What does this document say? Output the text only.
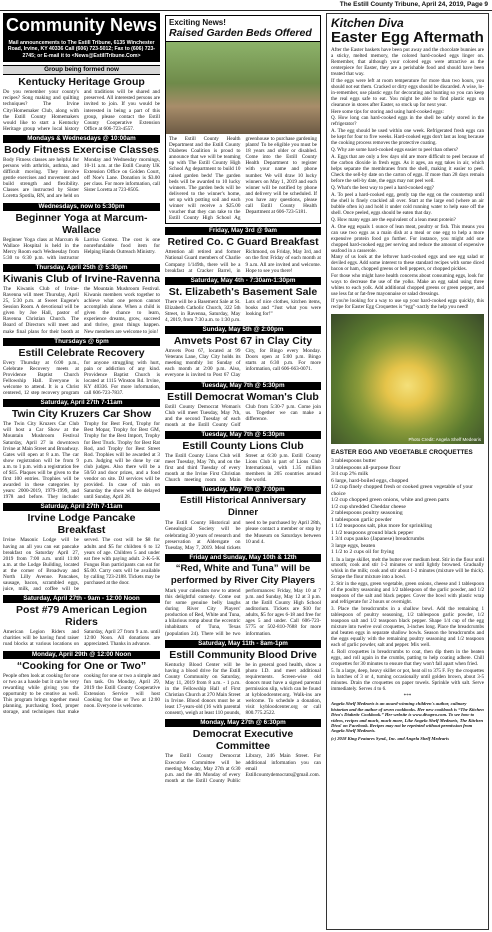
The Estill County Tribune, April 24, 2019, Page 9
Community News
Mail announcements to The Estill Tribune, 6135 Winchester Road, Irvine, KY 40336 Call (606) 723-5012; Fax to (606) 723-2745; or E-mail it to <News@EstillTribune.Com>
Group being formed now
Kentucky Heritage Group
Do you remember your county's recipes? Song making and quilting techniques? The Irvine City/Homemaker Club, along with the Estill County Homemakers would like to start a Kentucky Heritage group where local history and traditions will be shared and preserved. All interested persons are invited to join. If you would be interested in being a part of this group, please contact the Estill County Cooperative Extension Office at 606-723-4557.
Mondays & Wednesdays @ 10:00am
Body Fitness Exercise Classes
Body Fitness classes are helpful for persons with arthritis, asthma, and difficult moving. They involve gentle exercises and movement and build strength and flexibility. Classes are instructed by Sister Loretta Spotila, RN, and are held on Monday and Wednesday mornings, 10-11 a.m. at the Estill County UK Extension Office on Golden Court, off Noe's Lane. Donation is $3.00 per class. For more information, call Sister Loretta at 723-8505.
Wednesdays, now to 5:30pm
Beginner Yoga at Marcum-Wallace
Beginner Yoga class at Marcum & Wallace Hospital is held in the Mercy Room each Wednesday from 5:30 to 6:30 p.m. with instructor Larrisa Gomez. The cost is one nonrefundable food item for Helping Hands Outreach Ministry.
Thursday, April 25th @ 5:30pm
Kiwanis Club of Irvine-Ravenna
The Kiwanis Club of Irvine-Ravenna will meet Thursday, April 25, 5:30 p.m. at Sweet Eugene's Session Room. A devotional will be given by Joe Hall, pastor of Ravenna Christian Church. The Board of Directors will meet and make final plans for their booth at the Mountain Mushroom Festival. Kiwanis members work together to achieve what one person cannot accomplish alone. When a child is given the chance to learn, experience dreams, grow, succeed and thrive, great things happen. New members are welcome to join!
Thursdays @ 6pm
Estill Celebrate Recovery
Every Thursday at 6:00 p.m., Celebrate Recovery meets at Providence Baptist Church Fellowship Hall. Everyone is welcome to attend. It is a Christ centered, 12 step recovery program for anyone struggling with hurt, pain or addiction of any kind. Providence Baptist Church is located at 1115 Winston Rd. Irvine, KY 40336. For more information, call 606-723-7837.
Saturday, April 27th 7-11am
Twin City Kruzers Car Show
The Twin City Kruzers Car Club will host a Car Show at the Mountain Mushroom Festival Saturday, April 27 in downtown Irvine at Main Street and Broadway. Gates will open at 8 a.m. The car show registration will be from 9 a.m. to 1 p.m. with a registration fee of $15. Plaques will be given to the first 100 entries. Trophies will be awarded in these categories by years: 2000-2019, 1979-1999, and 1978 and before. They include: Trophy for Best Ford, Trophy for Best Mopar, Trophy for Best GM, Trophy for the Best Import, Trophy for Best Truck. Trophy for Best Rat Rod, and Trophy for Best Street Rod. Trophies will be awarded at 3 p.m. Judging will be done by car club judges. Also there will be a 50/50 and door prizes, and a food vendor on site. DJ services will be provided. In case of rain on Saturday the show will be delayed until Sunday, April 28.
Saturday, April 27th 7-11am
Irvine Lodge Pancake Breakfast
Irvine Masonic Lodge will be having an all you can eat pancake breakfast on Saturday April 27, 2019 from 7:00 a.m. until 11:00 a.m. at the Lodge Building, located at the corner of Broadway and North Lilly Avenue. Pancakes, sausage, bacon, scrambled eggs, juice, milk, and coffee will be served. The cost will be $8 for adults and $5 for children 6 to 12 years of age. Children 5 and under eat free with paying adult. 2-K-5-K Fungus Run participants can eat for $5.00. Carry outs will be available by calling 723-2188. Tickets may be purchased at the door.
Saturday, April 27th - 9am - 12:00 Noon
Post #79 American Legion Riders
American Legion Riders and charities will be having fund raiser road blocks at various locations on Saturday, April 27 from 9 a.m. until 12:00 Noon. All donations are appreciated. Thanks in advance.
Monday, April 29th @ 12:00 Noon
“Cooking for One or Two”
People often look at cooking for one or two as a hassle but it can be very rewarding while giving you the opportunity to be creative as well. This program brings together meal planning, purchasing food, proper storage, and techniques that make cooking for one or two a simple and fun task. On Monday, April 29, 2019 the Estill County Cooperative Extension Service will host Cooking for One or Two at 12:00 noon. Everyone is welcome.
Exciting News!
Raised Garden Beds Offered
The Estill County Health Department and the Estill County Diabetes Coalition is proud to announce that we will be teaming up with The Estill County High School Ag department to build 10 raised garden beds! The garden beds will be awarded to 10 lucky winners. The garden beds will be delivered to the winner's home, set up with potting soil and each winner will receive a $25.00 voucher that they can take to the Estill County High School Ag greenhouse to purchase gardening plants! To be eligible you must be 18 years and older or disabled. Come into the Estill County Health Department to register with your name and phone number. We will draw 10 lucky winners on May 1, 2019 and each winner will be notified by phone and delivery will be scheduled. If you have any questions, please call Estill County Health Department at 606-723-5181.
Friday, May 3rd @ 9am
Retired Co. C Guard Breakfast
Attention all retired and former National Guard members of Charlie Company 1/149th, there will be a breakfast at Cracker Barrel, in Richmond, on Friday, May 3rd, and on the first Friday of each month at 9 a.m. All are invited and welcome. Hope to see you there!
Saturday, May 4th - 7:30am-1:30pm
St. Elizabeth's Basement Sale
There will be a Basement Sale at St. Elizabeth Catholic Church, 322 5th Street, in Ravenna, Saturday, May 4, 2019, from 7:30 a.m. to 1:30 p.m. Lots of nice clothes, kitchen items, books and “Just what you were looking for!”
Sunday, May 5th @ 2:00pm
Amvets Post 67 in Clay City
Amvets Post 67, located at 99 Veterans Lane, Clay City holds its meeting monthly 1st Sunday of each month at 2:00 p.m. Also, everyone is invited to Post 67 Clay City, for Bingo every Monday. Doors open at 5:00 p.m. Bingo starts at 6:30 p.m. For more information, call 606-663-0071.
Tuesday, May 7th @ 5:30pm
Estill Democrat Woman's Club
Estill County Democrat Woman's Club will meet Tuesday, May 7th, and the second Tuesday of each month at the Estill County Golf Club from 5:30-7 p.m. Come join us. Together we can make a difference.
Tuesday, May 7th @ 5:30pm
Estill County Lions Club
The Estill County Lions Club will meet Tuesday, May 7th, and on the first and third Tuesday of every month at the Irvine First Christian Church meeting room on Main Street at 6:30 p.m. Estill County Lions Club is part of Lions Club International, with 1.35 million members in 205 countries around the world.
Tuesday, May 7th @ 7:00pm
Estill Historical Anniversary Dinner
The Estill County Historical and Genealogical Society will be celebrating 30 years of research and preservation at Aldersgate on Tuesday, May 7, 2019. Meal tickets need to be purchased by April 28th, please contact a member or stop by the Museum on Saturdays between 10 and 4.
Friday and Sunday, May 10th & 12th
“Red, White and Tuna” will be performed by River City Players
Mark your calendars now to attend this delightful comedy. Come out for some genuine belly laughs during River City Players' production of Red, White and Tuna, a hilarious romp about the eccentric inhabitants of Tuna, Texas (population 24). There will be two performances: Friday, May 10 at 7 p.m. and Sunday, May 12 at 3 p.m. at the Estill County High School auditorium. Tickets are $10 for adults, $5 for ages 6-18 and free for ages 5 and under. Call 606-723-5775 or 502-810-7688 for more information.
Saturday, May 11th - 8am-1pm
Estill Community Blood Drive
Kentucky Blood Center will be having a blood drive for the Estill County Community on Saturday, May 11, 2019 from 8 a.m. - 1 p.m. in the Fellowship Hall of First Christian Church at 270 Main Street in Irvine. Blood donors must be at least 17-years-old (16 with parental consent), weigh at least 110 pounds, be in general good health, show a photo I.D. and meet additional requirements. Screen-wise old donors must have a signed parental permission slip, which can be found at kybloodcenter.org. Walk-ins are welcome. To schedule a donation, visit kybloodcenter.org or call 800.775.2522.
Monday, May 27th @ 6:30pm
Democrat Executive Committee
The Estill County Democrat Executive Committee will be meeting Monday, May 27th at 6:30 p.m. and the 4th Monday of every month at the Estill County Public Library, 246 Main Street. For additional information you can email Estillcountydemocrats@gmail.com.
Kitchen Diva
Easter Egg Aftermath

After the Easter baskets have been put away and the chocolate bunnies are a sticky, melted memory, the colored hard-cooked eggs linger on. Remember, that although your colored eggs were attractive as the centerpiece for Easter, they are a perishable food and should have been treated that way.

If the eggs were left at room temperature for more than two hours, you should not eat them. Cracked or dirty eggs should be discarded. A wise, lo-in-remember, use plastic eggs for decorating and hunting so you can keep the real eggs safe to eat. You might be able to find plastic eggs on clearance in stores after Easter, so stock up for next year.

Here some tips for storing and using hard-cooked eggs:

Q. How long can hard-cooked eggs in the shell be safely stored in the refrigerator?

A. The egg should be used within one week. Refrigerated fresh eggs can be kept for four to five weeks. Hard-cooked eggs don't last as long because the cooking process removes the protective coating.

Q. Why are some hard-cooked eggs easier to peel than others?

A. Eggs that are only a few days old are more difficult to peel because of the carbon dioxide in fresh eggs. As it ages, an egg takes in air, which helps separate the membranes from the shell, making it easier to peel. Check the sell-by date on the carton of eggs. If more than 28 days remain before the sell-by date, the eggs may not peel well.

Q. What's the best way to peel a hard-cooked egg?

A. To peel a hard-cooked egg, gently tap the egg on the countertop until the shell is finely crackled all over. Start at the large end (where an air bubble often is) and hold it under cold running water to help ease off the shell. Once peeled, eggs should be eaten that day.

Q. How many eggs are the equivalent of a lean meat protein?

A. One egg equals 1 ounce of lean meat, poultry or fish. This means you can use two eggs as a main dish at a meal or one egg to help a more expensive protein food go further. For instance, you might add one chopped hard-cooked egg per serving and reduce the amount of expensive seafood in a casserole.

Many of us look at the leftover hard-cooked eggs and see egg salad or deviled eggs. Add some interest to these standard recipes with some diced bacon or ham, chopped greens or bell peppers, or chopped pickles.

For those who might have health concerns about consuming eggs, look for ways to decrease the use of the yolks. Make an egg salad using three whites to each yolk. Add additional chopped greens or green pepper, and use less fat or fat-free mayonnaise or salad dressings.

If you're looking for a way to use up your hard-cooked eggs quickly, this recipe for Easter Egg Croquettes is “egg”-xactly the help you need!

Photo Credit: Angela Shelf Medearis
EASTER EGG AND VEGETABLE CROQUETTES
3 tablespoons butter
3 tablespoons all-purpose flour
3/4 cup 2% milk
6 large, hard-boiled eggs, chopped
1/2 cup finely chopped fresh or cooked green vegetable of your choice
1/2 cup chopped green onions, white and green parts
1/2 cup shredded Cheddar cheese
2 tablespoons poultry seasoning
1 tablespoon garlic powder
1 1/2 teaspoons salt, plus more for sprinkling
1 1/2 teaspoons ground black pepper
1 3/4 cups panko (Japanese) breadcrumbs
3 large eggs, beaten
1 1/2 to 2 cups oil for frying

1. In a large skillet, melt the butter over medium heat. Stir in the flour until smooth; cook and stir 1-2 minutes or until lightly browned. Gradually whisk in the milk; cook and stir about 1-2 minutes (mixture will be thick). Scrape the flour mixture into a bowl.

2. Stir in the eggs, green vegetable, green onions, cheese and 1 tablespoon of the poultry seasoning and 1/2 tablespoon of the garlic powder, and 1/2 teaspoon of the salt and black pepper. Cover the bowl with plastic wrap and refrigerate for 2 hours or overnight.

3. Place the breadcrumbs in a shallow bowl. Add the remaining 1 tablespoon of poultry seasoning, 1/2 tablespoon garlic powder, 1/2 teaspoon salt and 1/2 teaspoon black pepper. Shape 1/4 cup of the egg mixture into twelve oval croquettes, 3-inches long. Place the breadcrumbs and beaten eggs in separate shallow bowls. Season the breadcrumbs and the eggs equally with the remaining poultry seasoning and 1/2 teaspoon each of garlic powder, salt and pepper. Mix well.

4. Roll croquettes in breadcrumbs to coat, then dip them in the beaten eggs, and roll again in the crumbs, patting to help coating adhere. Chill croquettes for 30 minutes to ensure that they won't fall apart when fried.

5. In a large, deep, heavy skillet or pot, heat oil to 375 F. Fry the croquettes in batches of 3 or 4, turning occasionally until golden brown, about 3-5 minutes. Drain the croquettes on paper towels. Sprinkle with salt. Serve immediately. Serves 4 to 6.

***
Angela Shelf Medearis is an award-winning children's author, culinary historian and the author of seven cookbooks. Her new cookbook is “The Kitchen Diva's Diabetic Cookbook.” Her website is www.divapro.com. To see how-to videos, recipes and much, much more, Like Angela Shelf Medearis, The Kitchen Diva! on Facebook. Recipes may not be reprinted without permission from Angela Shelf Medearis.
(c) 2018 King Features Synd., Inc. and Angela Shelf Medearis
